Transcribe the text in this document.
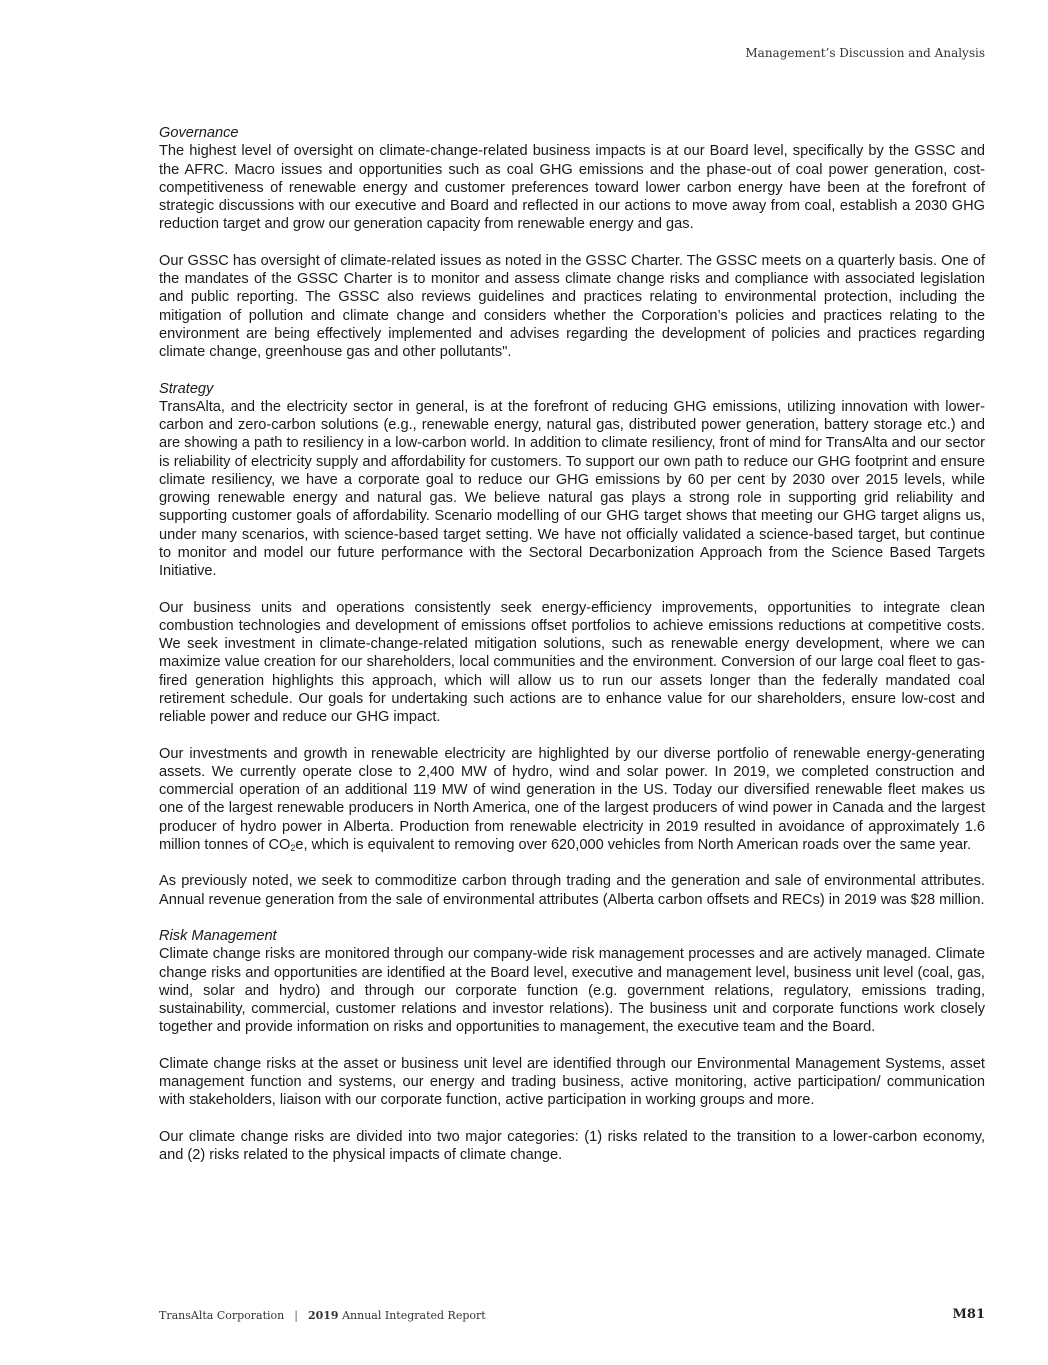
Management’s Discussion and Analysis
Governance

The highest level of oversight on climate-change-related business impacts is at our Board level, specifically by the GSSC and the AFRC. Macro issues and opportunities such as coal GHG emissions and the phase-out of coal power generation, cost-competitiveness of renewable energy and customer preferences toward lower carbon energy have been at the forefront of strategic discussions with our executive and Board and reflected in our actions to move away from coal, establish a 2030 GHG reduction target and grow our generation capacity from renewable energy and gas.

Our GSSC has oversight of climate-related issues as noted in the GSSC Charter. The GSSC meets on a quarterly basis. One of the mandates of the GSSC Charter is to monitor and assess climate change risks and compliance with associated legislation and public reporting. The GSSC also reviews guidelines and practices relating to environmental protection, including the mitigation of pollution and climate change and considers whether the Corporation’s policies and practices relating to the environment are being effectively implemented and advises regarding the development of policies and practices regarding climate change, greenhouse gas and other pollutants".

Strategy

TransAlta, and the electricity sector in general, is at the forefront of reducing GHG emissions, utilizing innovation with lower-carbon and zero-carbon solutions (e.g., renewable energy, natural gas, distributed power generation, battery storage etc.) and are showing a path to resiliency in a low-carbon world. In addition to climate resiliency, front of mind for TransAlta and our sector is reliability of electricity supply and affordability for customers. To support our own path to reduce our GHG footprint and ensure climate resiliency, we have a corporate goal to reduce our GHG emissions by 60 per cent by 2030 over 2015 levels, while growing renewable energy and natural gas. We believe natural gas plays a strong role in supporting grid reliability and supporting customer goals of affordability. Scenario modelling of our GHG target shows that meeting our GHG target aligns us, under many scenarios, with science-based target setting. We have not officially validated a science-based target, but continue to monitor and model our future performance with the Sectoral Decarbonization Approach from the Science Based Targets Initiative.

Our business units and operations consistently seek energy-efficiency improvements, opportunities to integrate clean combustion technologies and development of emissions offset portfolios to achieve emissions reductions at competitive costs. We seek investment in climate-change-related mitigation solutions, such as renewable energy development, where we can maximize value creation for our shareholders, local communities and the environment. Conversion of our large coal fleet to gas-fired generation highlights this approach, which will allow us to run our assets longer than the federally mandated coal retirement schedule. Our goals for undertaking such actions are to enhance value for our shareholders, ensure low-cost and reliable power and reduce our GHG impact.

Our investments and growth in renewable electricity are highlighted by our diverse portfolio of renewable energy-generating assets. We currently operate close to 2,400 MW of hydro, wind and solar power. In 2019, we completed construction and commercial operation of an additional 119 MW of wind generation in the US. Today our diversified renewable fleet makes us one of the largest renewable producers in North America, one of the largest producers of wind power in Canada and the largest producer of hydro power in Alberta. Production from renewable electricity in 2019 resulted in avoidance of approximately 1.6 million tonnes of $CO_2e$, which is equivalent to removing over 620,000 vehicles from North American roads over the same year.

As previously noted, we seek to commoditize carbon through trading and the generation and sale of environmental attributes. Annual revenue generation from the sale of environmental attributes (Alberta carbon offsets and RECs) in 2019 was $28 million.

Risk Management

Climate change risks are monitored through our company-wide risk management processes and are actively managed. Climate change risks and opportunities are identified at the Board level, executive and management level, business unit level (coal, gas, wind, solar and hydro) and through our corporate function (e.g. government relations, regulatory, emissions trading, sustainability, commercial, customer relations and investor relations). The business unit and corporate functions work closely together and provide information on risks and opportunities to management, the executive team and the Board.

Climate change risks at the asset or business unit level are identified through our Environmental Management Systems, asset management function and systems, our energy and trading business, active monitoring, active participation/ communication with stakeholders, liaison with our corporate function, active participation in working groups and more.

Our climate change risks are divided into two major categories: (1) risks related to the transition to a lower-carbon economy, and (2) risks related to the physical impacts of climate change.

TransAlta Corporation | 2019 Annual Integrated Report	M81
